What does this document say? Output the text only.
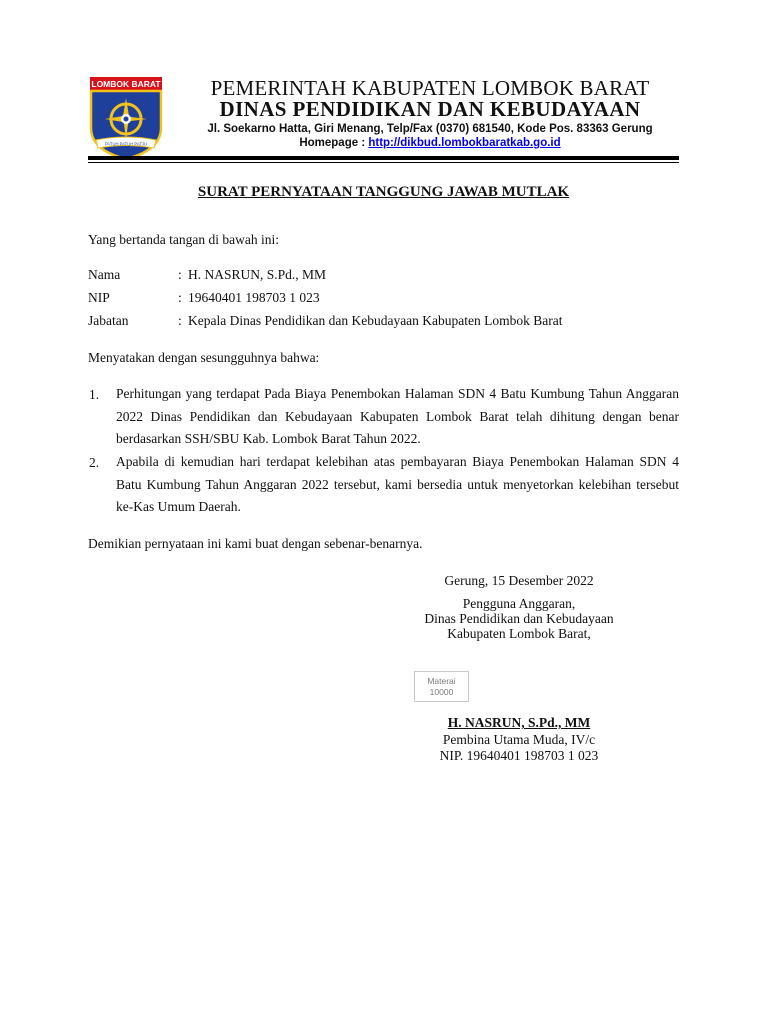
LOMBOK BARAT
PATUH PATUH PATJU
PEMERINTAH KABUPATEN LOMBOK BARAT
DINAS PENDIDIKAN DAN KEBUDAYAAN
Jl. Soekarno Hatta, Giri Menang, Telp/Fax (0370) 681540, Kode Pos. 83363 Gerung
Homepage : http://dikbud.lombokbaratkab.go.id
SURAT PERNYATAAN TANGGUNG JAWAB MUTLAK
Yang bertanda tangan di bawah ini:
Nama	: H. NASRUN, S.Pd., MM
NIP	: 19640401 198703 1 023
Jabatan	: Kepala Dinas Pendidikan dan Kebudayaan Kabupaten Lombok Barat
Menyatakan dengan sesungguhnya bahwa:
1. Perhitungan yang terdapat Pada Biaya Penembokan Halaman SDN 4 Batu Kumbung Tahun Anggaran 2022 Dinas Pendidikan dan Kebudayaan Kabupaten Lombok Barat telah dihitung dengan benar berdasarkan SSH/SBU Kab. Lombok Barat Tahun 2022.
2. Apabila di kemudian hari terdapat kelebihan atas pembayaran Biaya Penembokan Halaman SDN 4 Batu Kumbung Tahun Anggaran 2022 tersebut, kami bersedia untuk menyetorkan kelebihan tersebut ke-Kas Umum Daerah.
Demikian pernyataan ini kami buat dengan sebenar-benarnya.
Gerung, 15 Desember 2022
Pengguna Anggaran,
Dinas Pendidikan dan Kebudayaan
Kabupaten Lombok Barat,
Materai
10000
H. NASRUN, S.Pd., MM
Pembina Utama Muda, IV/c
NIP. 19640401 198703 1 023
